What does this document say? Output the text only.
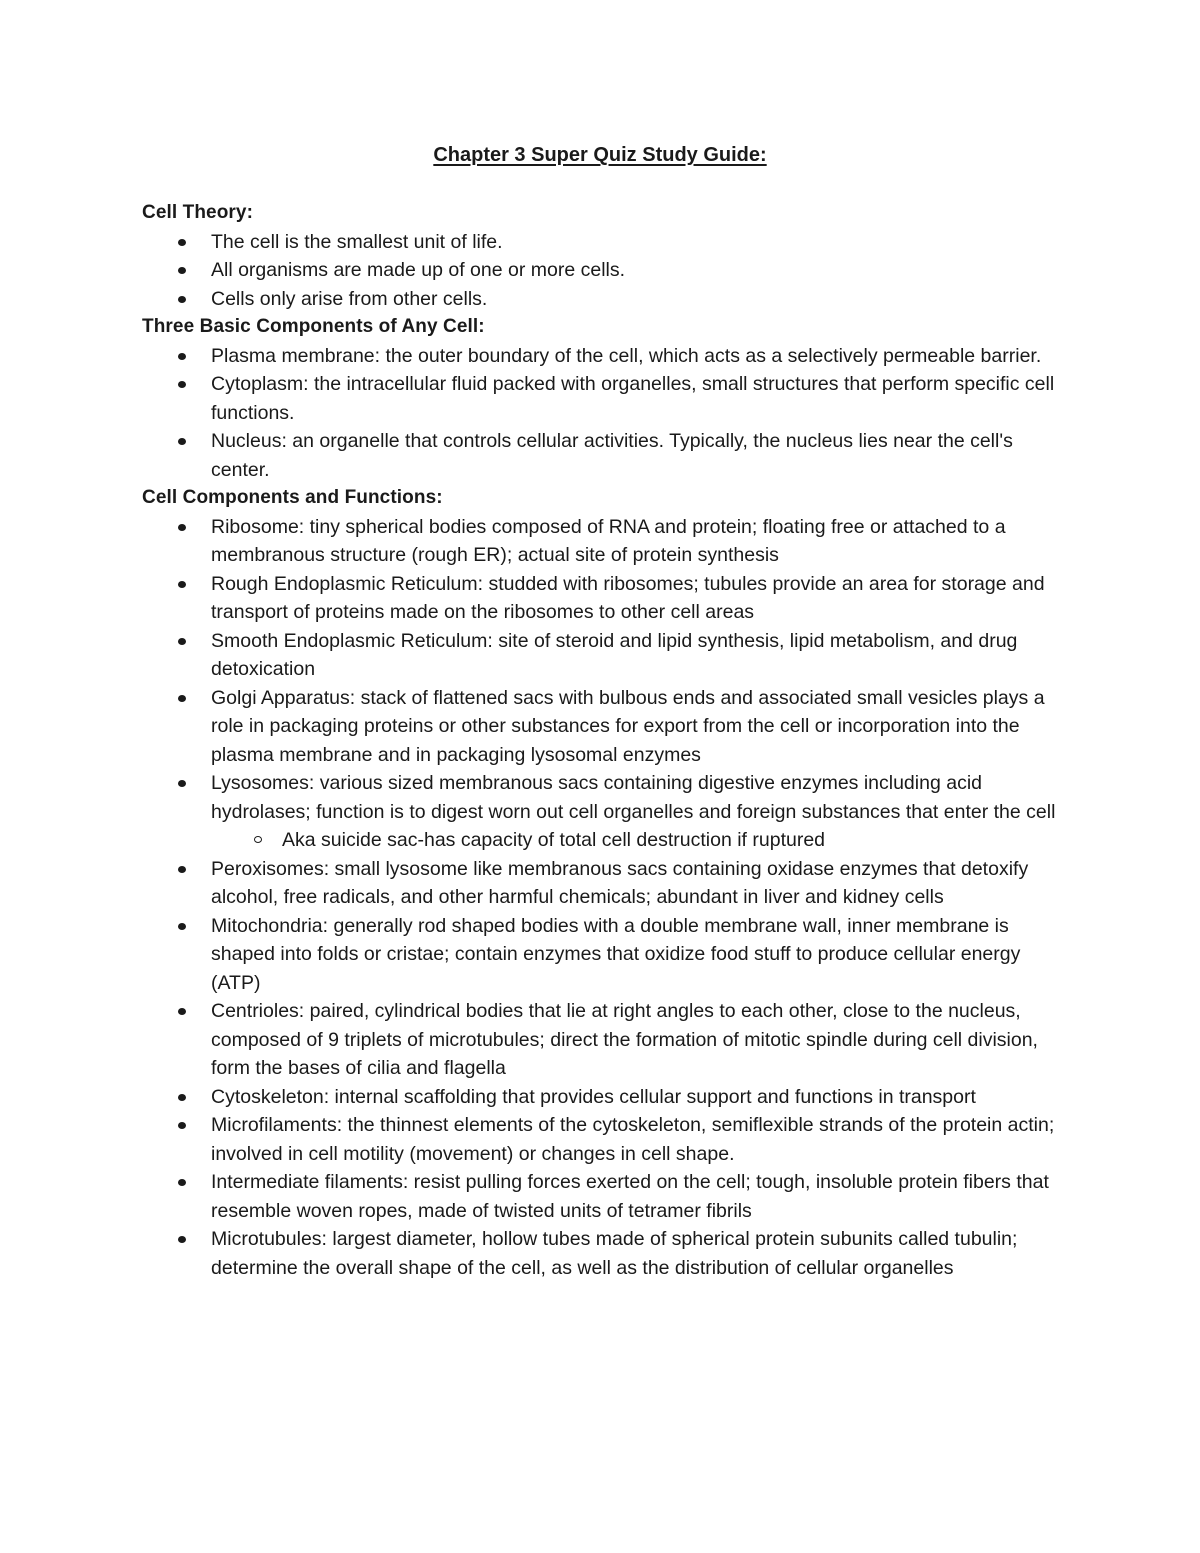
Chapter 3 Super Quiz Study Guide:
Cell Theory:
The cell is the smallest unit of life.
All organisms are made up of one or more cells.
Cells only arise from other cells.
Three Basic Components of Any Cell:
Plasma membrane: the outer boundary of the cell, which acts as a selectively permeable barrier.
Cytoplasm: the intracellular fluid packed with organelles, small structures that perform specific cell functions.
Nucleus: an organelle that controls cellular activities. Typically, the nucleus lies near the cell's center.
Cell Components and Functions:
Ribosome: tiny spherical bodies composed of RNA and protein; floating free or attached to a membranous structure (rough ER); actual site of protein synthesis
Rough Endoplasmic Reticulum: studded with ribosomes; tubules provide an area for storage and transport of proteins made on the ribosomes to other cell areas
Smooth Endoplasmic Reticulum: site of steroid and lipid synthesis, lipid metabolism, and drug detoxication
Golgi Apparatus: stack of flattened sacs with bulbous ends and associated small vesicles plays a role in packaging proteins or other substances for export from the cell or incorporation into the plasma membrane and in packaging lysosomal enzymes
Lysosomes: various sized membranous sacs containing digestive enzymes including acid hydrolases; function is to digest worn out cell organelles and foreign substances that enter the cell
Aka suicide sac-has capacity of total cell destruction if ruptured
Peroxisomes: small lysosome like membranous sacs containing oxidase enzymes that detoxify alcohol, free radicals, and other harmful chemicals; abundant in liver and kidney cells
Mitochondria: generally rod shaped bodies with a double membrane wall, inner membrane is shaped into folds or cristae; contain enzymes that oxidize food stuff to produce cellular energy (ATP)
Centrioles: paired, cylindrical bodies that lie at right angles to each other, close to the nucleus, composed of 9 triplets of microtubules; direct the formation of mitotic spindle during cell division, form the bases of cilia and flagella
Cytoskeleton: internal scaffolding that provides cellular support and functions in transport
Microfilaments: the thinnest elements of the cytoskeleton, semiflexible strands of the protein actin; involved in cell motility (movement) or changes in cell shape.
Intermediate filaments: resist pulling forces exerted on the cell; tough, insoluble protein fibers that resemble woven ropes, made of twisted units of tetramer fibrils
Microtubules: largest diameter, hollow tubes made of spherical protein subunits called tubulin; determine the overall shape of the cell, as well as the distribution of cellular organelles
